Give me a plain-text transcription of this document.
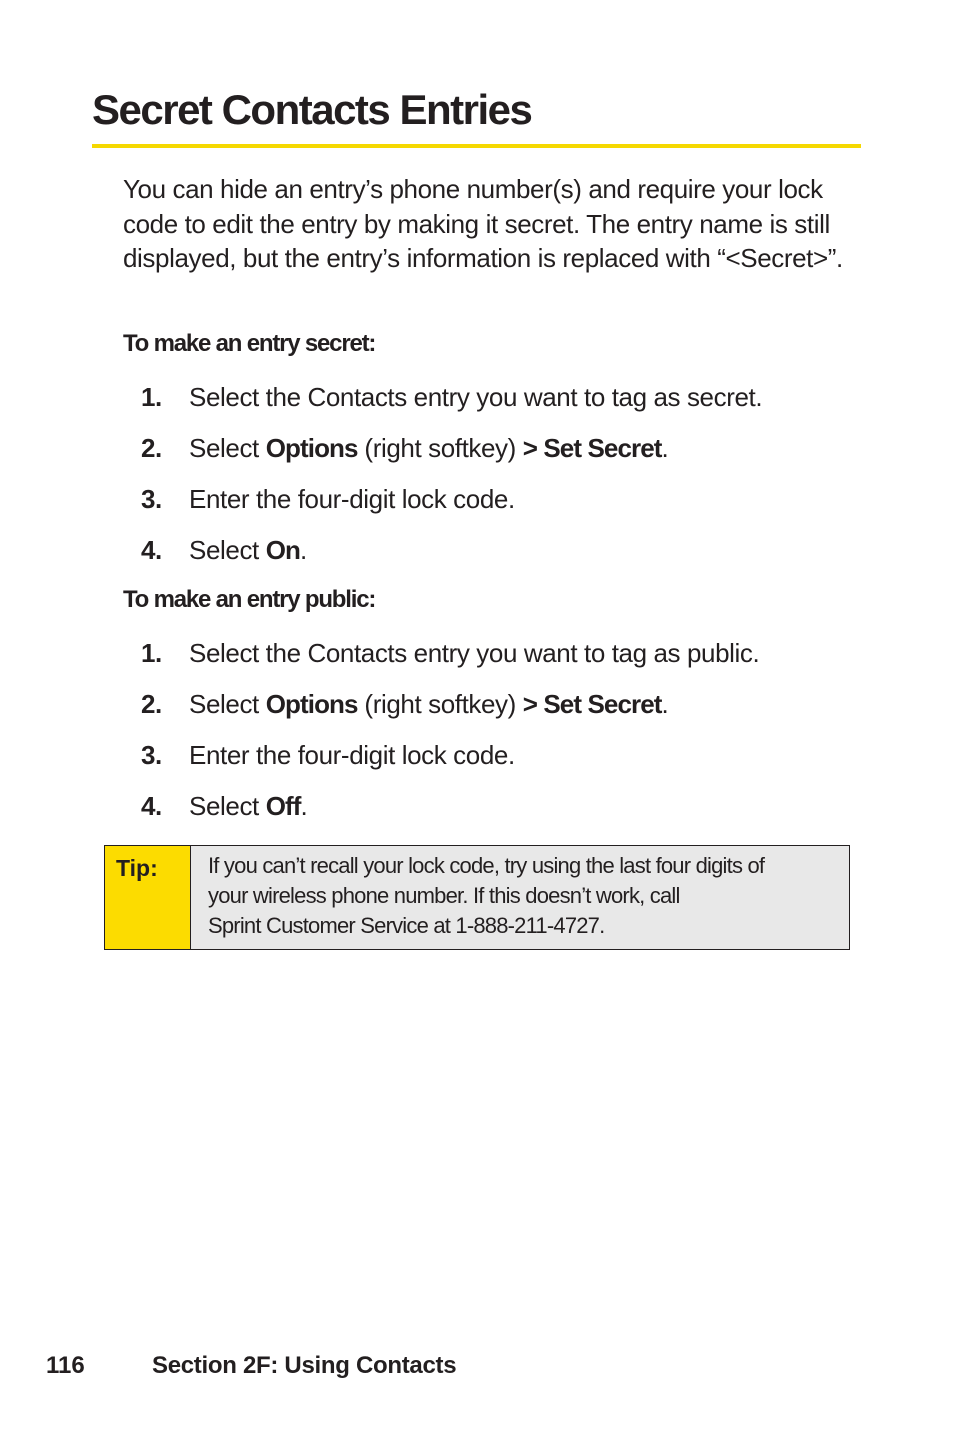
Secret Contacts Entries

You can hide an entry’s phone number(s) and require your lock code to edit the entry by making it secret. The entry name is still displayed, but the entry’s information is replaced with “<Secret>”.

To make an entry secret:
1. Select the Contacts entry you want to tag as secret.
2. Select Options (right softkey) > Set Secret.
3. Enter the four-digit lock code.
4. Select On.
To make an entry public:
1. Select the Contacts entry you want to tag as public.
2. Select Options (right softkey) > Set Secret.
3. Enter the four-digit lock code.
4. Select Off.
Tip: If you can’t recall your lock code, try using the last four digits of
your wireless phone number. If this doesn’t work, call
Sprint Customer Service at 1-888-211-4727.

116	Section 2F: Using Contacts
